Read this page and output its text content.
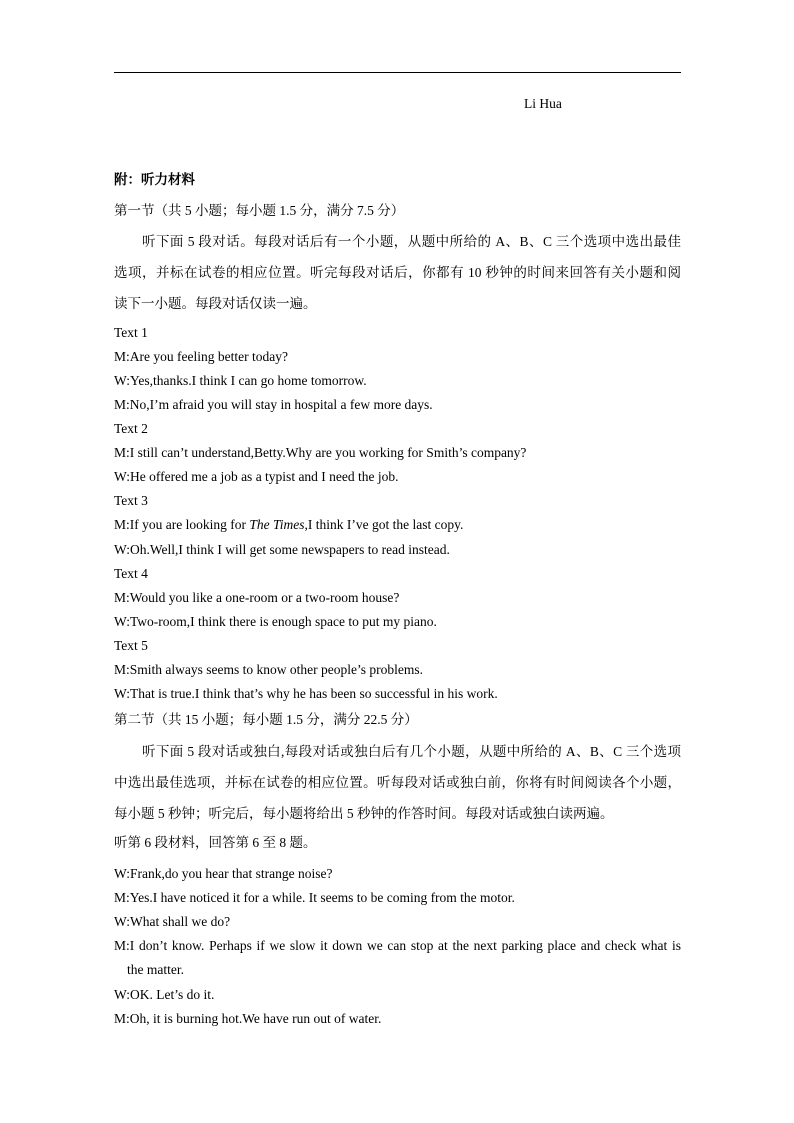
Li Hua
附：听力材料
第一节（共 5 小题；每小题 1.5 分，满分 7.5 分）
听下面 5 段对话。每段对话后有一个小题，从题中所给的 A、B、C 三个选项中选出最佳
选项，并标在试卷的相应位置。听完每段对话后，你都有 10 秒钟的时间来回答有关小题和阅
读下一小题。每段对话仅读一遍。
Text 1
M:Are you feeling better today?
W:Yes,thanks.I think I can go home tomorrow.
M:No,I’m afraid you will stay in hospital a few more days.
Text 2
M:I still can’t understand,Betty.Why are you working for Smith’s company?
W:He offered me a job as a typist and I need the job.
Text 3
M:If you are looking for The Times,I think I’ve got the last copy.
W:Oh.Well,I think I will get some newspapers to read instead.
Text 4
M:Would you like a one-room or a two-room house?
W:Two-room,I think there is enough space to put my piano.
Text 5
M:Smith always seems to know other people’s problems.
W:That is true.I think that’s why he has been so successful in his work.
第二节（共 15 小题；每小题 1.5 分，满分 22.5 分）
听下面 5 段对话或独白,每段对话或独白后有几个小题，从题中所给的 A、B、C 三个选项
中选出最佳选项，并标在试卷的相应位置。听每段对话或独白前，你将有时间阅读各个小题，
每小题 5 秒钟；听完后，每小题将给出 5 秒钟的作答时间。每段对话或独白读两遍。
听第 6 段材料，回答第 6 至 8 题。
W:Frank,do you hear that strange noise?
M:Yes.I have noticed it for a while. It seems to be coming from the motor.
W:What shall we do?
M:I don’t know. Perhaps if we slow it down we can stop at the next parking place and check what is
the matter.
W:OK. Let’s do it.
M:Oh, it is burning hot.We have run out of water.
